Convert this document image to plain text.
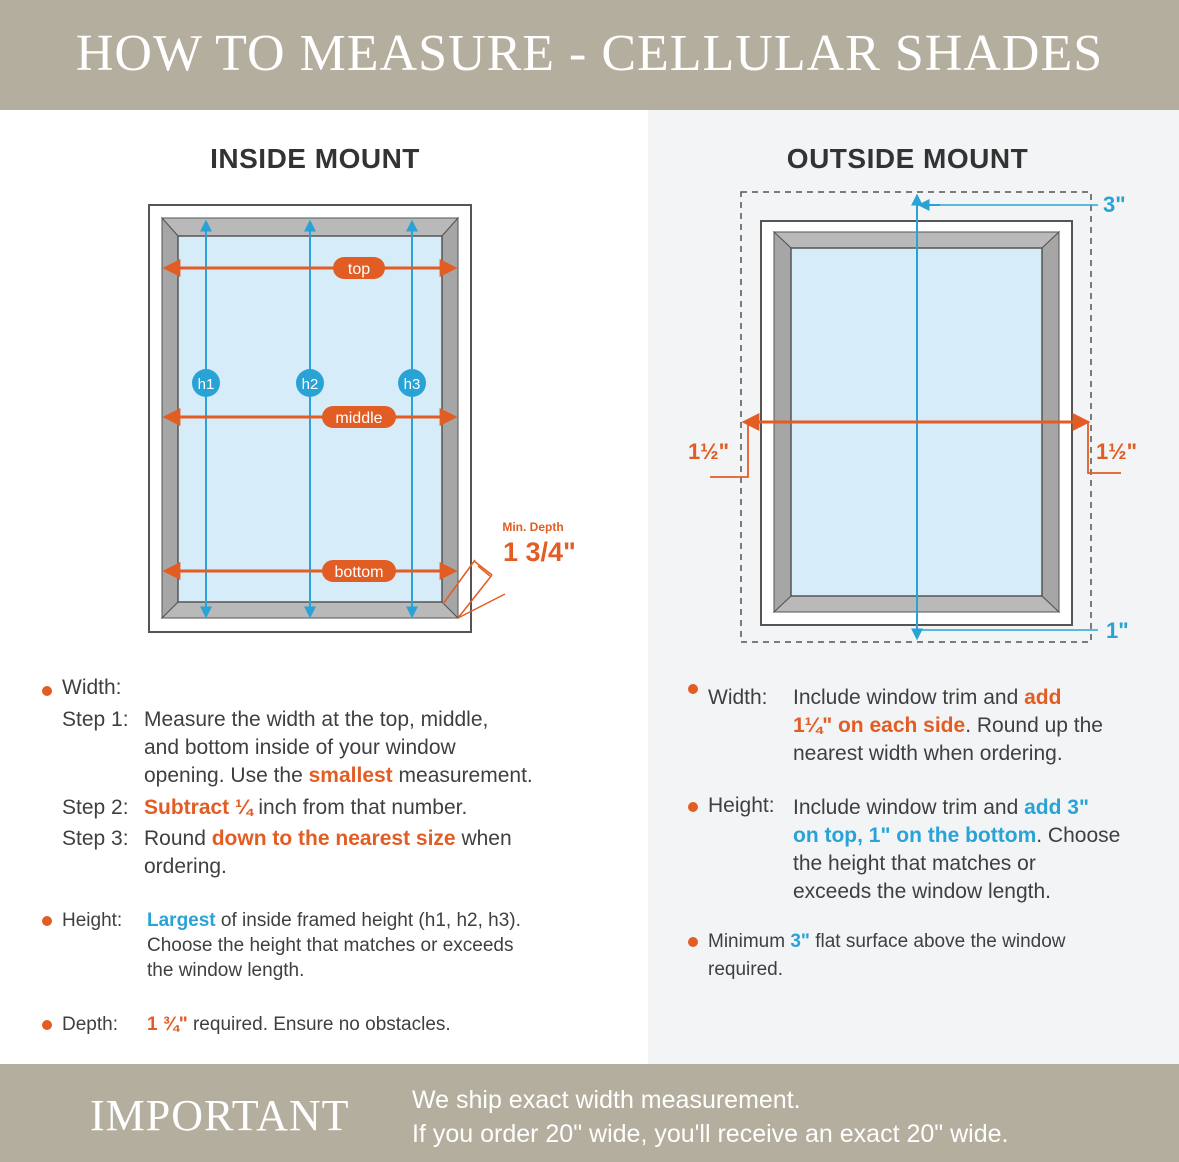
HOW TO MEASURE - CELLULAR SHADES
INSIDE MOUNT	OUTSIDE MOUNT
top
middle
bottom
h1	h2	h3
Min. Depth
1 3/4"
3"
1"
1½"	1½"
Width:
Step 1: Measure the width at the top, middle,
and bottom inside of your window
opening. Use the smallest measurement.
Step 2: Subtract ¼ inch from that number.
Step 3: Round down to the nearest size when
ordering.
Height: Largest of inside framed height (h1, h2, h3).
Choose the height that matches or exceeds
the window length.
Depth: 1 ¾" required. Ensure no obstacles.
Width: Include window trim and add
1¼" on each side. Round up the
nearest width when ordering.
Height: Include window trim and add 3"
on top, 1" on the bottom. Choose
the height that matches or
exceeds the window length.
Minimum 3" flat surface above the window
required.
IMPORTANT We ship exact width measurement.
If you order 20" wide, you'll receive an exact 20" wide.
